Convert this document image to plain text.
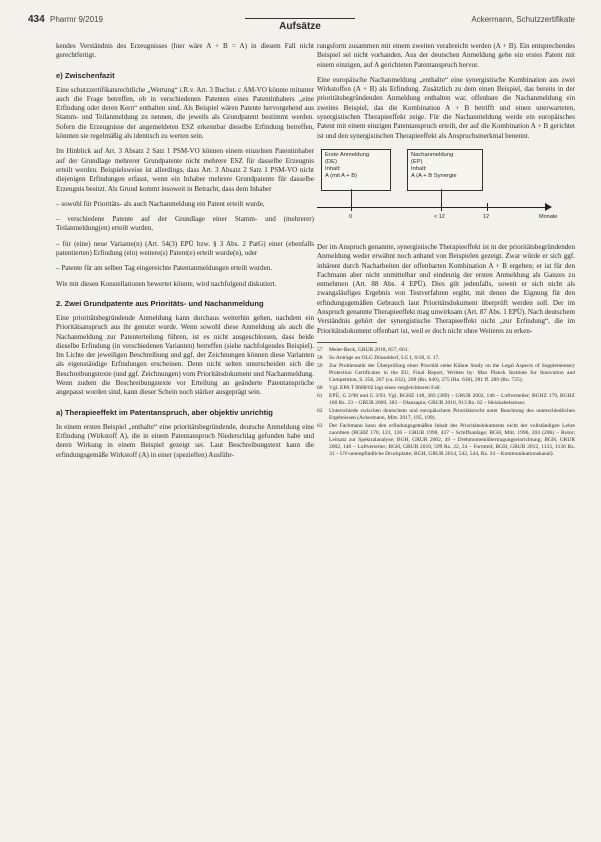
434 Pharmr 9/2019
Aufsätze
Ackermann, Schutzzertifikate

kendes Verständnis des Erzeugnisses (hier wäre A + B = A) in diesem Fall nicht gerechtfertigt.

e) Zwischenfazit

Eine schutzzertifikatsrechtliche „Wertung“ i.R.v. Art. 3 Buchst. c AM-VO könnte mitunter auch die Frage betreffen, ob in verschiedenen Patenten eines Patentinhabers „eine Erfindung oder deren Kern“ enthalten sind. Als Beispiel wären Patente hervorgehend aus Stamm- und Teilanmeldung zu nennen, die jeweils als Grundpatent bestimmt werden. Sofern die Erzeugnisse der angemeldeten ESZ erkennbar dieselbe Erfindung betreffen, könnten sie regelmäßig als identisch zu werten sein.

Im Hinblick auf Art. 3 Absatz 2 Satz 1 PSM-VO können einem einzelnen Patentinhaber auf der Grundlage mehrerer Grundpatente nicht mehrere ESZ für dasselbe Erzeugnis erteilt werden. Beispielsweise ist allerdings, dass Art. 3 Absatz 2 Satz 1 PSM-VO nicht diejenigen Erfindungen erfasst, wenn ein Inhaber mehrere Grundpatente für dasselbe Erzeugnis besitzt. Als Grund kommt insoweit in Betracht, dass dem Inhaber

– sowohl für Prioritäts- als auch Nachanmeldung ein Patent erteilt wurde,

– verschiedene Patente auf der Grundlage einer Stamm- und (mehrerer) Teilanmeldung(en) erteilt wurden,

– für (eine) neue Variante(n) (Art. 54(3) EPÜ bzw. § 3 Abs. 2 PatG) einer (ebenfalls patentierten) Erfindung (ein) weitere(s) Patent(e) erteilt wurde(n), oder

– Patente für am selben Tag eingereichte Patentanmeldungen erteilt wurden.

Wie mit diesen Konstellationen bewertet könnte, wird nachfolgend diskutiert.

2. Zwei Grundpatente aus Prioritäts- und Nachanmeldung

Eine prioritätsbegründende Anmeldung kann durchaus weiterhin gehen, nachdem ein Prioritätsanspruch aus ihr genutzt wurde. Wenn sowohl diese Anmeldung als auch die Nachanmeldung zur Patenterteilung führen, ist es nicht ausgeschlossen, dass beide dieselbe Erfindung (in verschiedenen Varianten) betreffen (siehe nachfolgendes Beispiel). Im Lichte der jeweiligen Beschreibung und ggf. der Zeichnungen können diese Varianten als eigenständige Erfindungen erscheinen. Denn nicht selten unterscheiden sich die Beschreibungstexte (und ggf. Zeichnungen) vom Prioritätsdokument und Nachanmeldung. Wenn zudem die Beschreibungstexte vor Erteilung an geänderte Patentansprüche angepasst worden sind, kann dieser Schein noch stärker ausgeprägt sein.

a) Therapieeffekt im Patentanspruch, aber objektiv unrichtig

In einem ersten Beispiel „enthalte“ eine prioritätsbegründende, deutsche Anmeldung eine Erfindung (Wirkstoff A), die in einem Patentanspruch Niederschlag gefunden habe und deren Wirkung in einem Beispiel gezeigt sei. Laut Beschreibungstext kann die erfindungsgemäße Wirkstoff (A) in einer (speziellen) Ausführ-

rungsform zusammen mit einem zweiten verabreicht werden (A + B). Ein entsprechendes Beispiel sei nicht vorhanden. Aus der deutschen Anmeldung gehe ein erstes Patent mit einem einzigen, auf A gerichteten Patentanspruch hervor.

Eine europäische Nachanmeldung „enthalte“ eine synergistische Kombination aus zwei Wirkstoffen (A + B) als Erfindung. Zusätzlich zu dem einen Beispiel, das bereits in der prioritätsbegründenden Anmeldung enthalten war, offenbare die Nachanmeldung ein zweites Beispiel, das die Kombination A + B betrifft und einen unerwarteten, synergistischen Therapieeffekt zeige. Für die Nachanmeldung werde ein europäisches Patent mit einem einzigen Patentanspruch erteilt, der auf die Kombination A + B gerichtet ist und den synergistischen Therapieeffekt als Anspruchsmerkmal benennt.

Erste Anmeldung
(DE)
Inhalt:
A (mit A + B)
Nachanmeldung
(EP)
Inhalt:
A (A + B Synergie
0	< 12	12	Monate

Der im Anspruch genannte, synergistische Therapieeffekt ist in der prioritätsbegründenden Anmeldung weder erwähnt noch anhand von Beispielen gezeigt. Zwar würde er sich ggf. inhärent durch Nacharbeiten der offenbarten Kombination A + B ergeben; er ist für den Fachmann aber nicht unmittelbar und eindeutig der ersten Anmeldung als Ganzes zu entnehmen (Art. 88 Abs. 4 EPÜ). Dies gilt jedenfalls, soweit er sich nicht als zwangsläufiges Ergebnis von Testverfahren ergibt, mit denen die Eignung für den erfindungsgemäßen Gebrauch laut Prioritätsdokument überprüft werden soll. Der im Anspruch genannte Therapieeffekt mag unwirksam (Art. 87 Abs. 1 EPÜ). Nach deutschem Verständnis gehört der synergistische Therapieeffekt nicht „zur Erfindung“, die im Prioritätsdokument offenbart ist, weil er doch nicht ohne Weiteres zu erken-

57	Meier-Beck, GRUR 2018, 657, 661.
58	So Anträge an OLG Düsseldorf, LG I, 6/18, S. 17.
59	Zur Problematik der Überprüfung einer Priorität siehe Kühne Study on the Legal Aspects of Supplementary Protection Certificates in the EU, Final Report, Written by: Max Planck Institute for Innovation and Competition, S. 256, 267 (ca. 632), 268 (Rn. 640), 275 (Rn. 638), 281 ff. 289 (Rn. 725).
60	Vgl. EPA T 0688/02 lagt eines vergleichbaren Fall.
61	EPÜ, G 2/98 und G 3/93. Vgl. BGHZ 148, 383 (389) – GRUR 2002, 146 – Luftverteiler; BGHZ 179, BGHZ 168 Rz. 23 – GRUR 2009, 383 – Olanzapin; GRUR 2010, 913 Rz. 62 – Heizkabelsensor.
62	Unterschiede zwischen deutschem und europäischem Prioritätsrecht unter Beachtung des unterschiedlichen Ergebnissen (Ackermann, Mitt. 2017, 195, 199).
63	Der Fachmann kann den erfindungsgemäßen Inhalt des Prioritätsdokuments nicht der vollständigen Lehre zuordnen (BGHZ 170, 123, 126 – GRUR 1998, 437 – Schiffsanlage; BGH, Mitt. 1996, 204 (206) – Rotor; Leitsatz zur Spektralanalyse; BGH, GRUR 2002, 49 – Drehmomentübertragungseinrichtung; BGH, GRUR 2002, 146 – Luftverteiler; BGH, GRUR 2010, 599 Rz. 22, 24 – Formteil; BGH, GRUR 2012, 1133, 1136 Rz. 31 – UV-unempfindliche Druckplatte; BGH, GRUR 2014, 542, 544, Rz. 24 – Kommunikationskanal).
